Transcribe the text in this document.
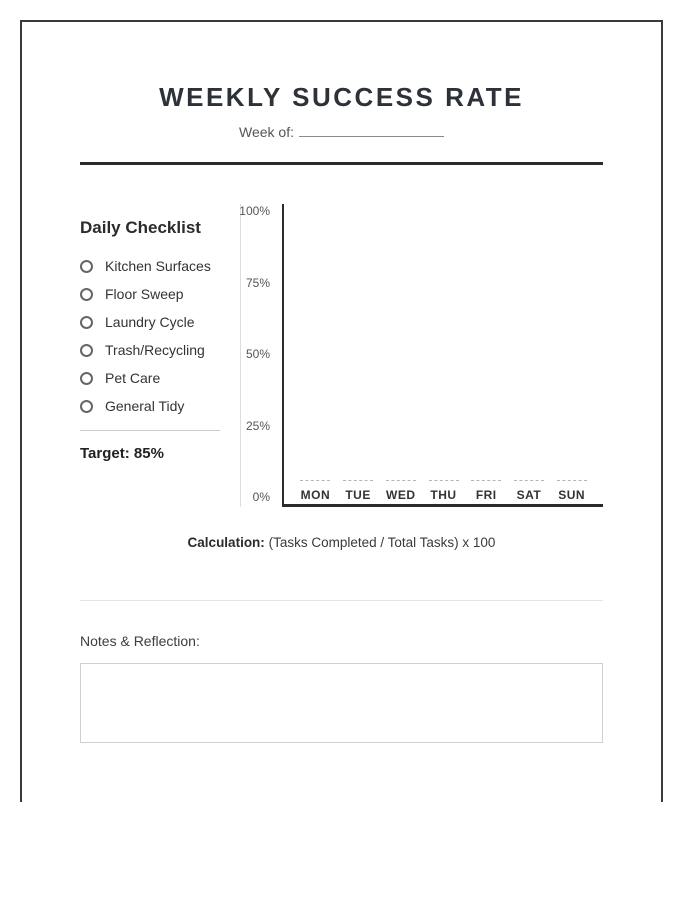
WEEKLY SUCCESS RATE
Week of:
Daily Checklist
Kitchen Surfaces
Floor Sweep
Laundry Cycle
Trash/Recycling
Pet Care
General Tidy
Target: 85%
100%
75%
50%
25%
0%	MON	TUE	WED	THU	FRI	SAT	SUN
Calculation: (Tasks Completed / Total Tasks) x 100
Notes & Reflection:
